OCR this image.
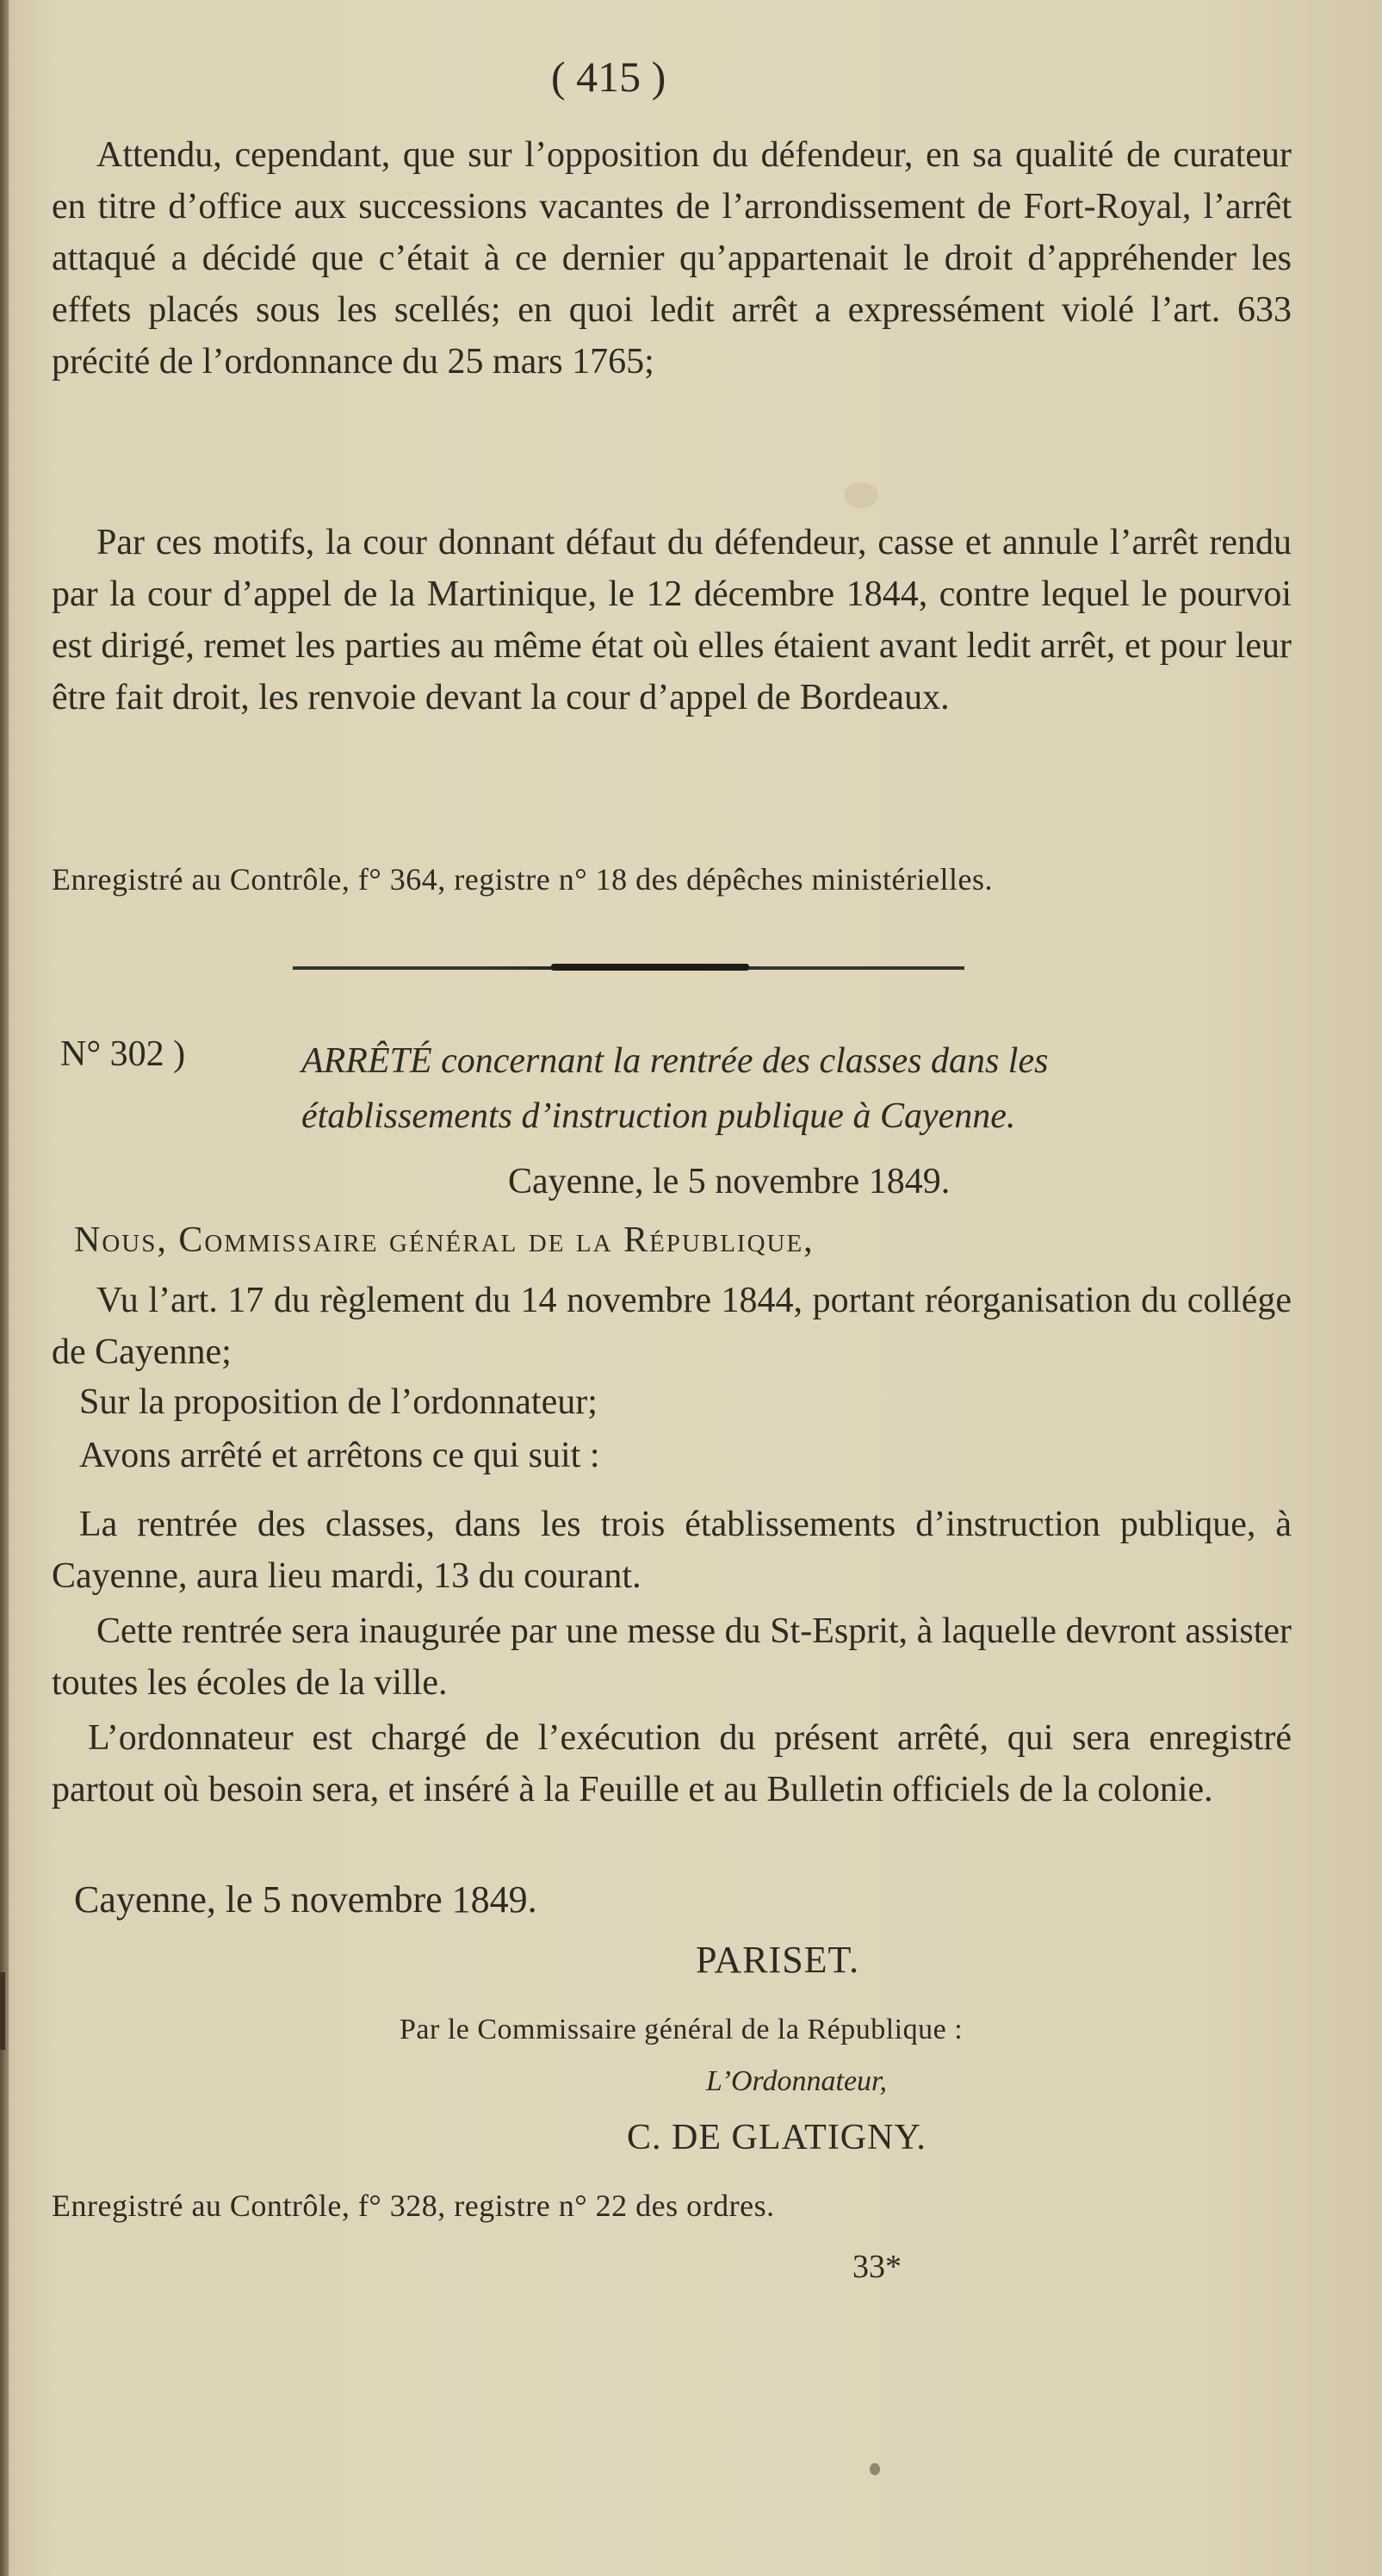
( 415 )

Attendu, cependant, que sur l’opposition du défendeur, en sa qualité de curateur en titre d’office aux successions vacantes de l’arrondissement de Fort-Royal, l’arrêt attaqué a décidé que c’était à ce dernier qu’appartenait le droit d’appréhender les effets placés sous les scellés; en quoi ledit arrêt a expressément violé l’art. 633 précité de l’ordonnance du 25 mars 1765;

Par ces motifs, la cour donnant défaut du défendeur, casse et annule l’arrêt rendu par la cour d’appel de la Martinique, le 12 décembre 1844, contre lequel le pourvoi est dirigé, remet les parties au même état où elles étaient avant ledit arrêt, et pour leur être fait droit, les renvoie devant la cour d’appel de Bordeaux.

Enregistré au Contrôle, f° 364, registre n° 18 des dépêches ministérielles.

N° 302 )	ARRÊTÉ concernant la rentrée des classes dans les établissements d’instruction publique à Cayenne.

Cayenne, le 5 novembre 1849.

Nous, Commissaire général de la République,

Vu l’art. 17 du règlement du 14 novembre 1844, portant réorganisation du collége de Cayenne;

Sur la proposition de l’ordonnateur;

Avons arrêté et arrêtons ce qui suit :

La rentrée des classes, dans les trois établissements d’instruction publique, à Cayenne, aura lieu mardi, 13 du courant.

Cette rentrée sera inaugurée par une messe du St-Esprit, à laquelle devront assister toutes les écoles de la ville.

L’ordonnateur est chargé de l’exécution du présent arrêté, qui sera enregistré partout où besoin sera, et inséré à la Feuille et au Bulletin officiels de la colonie.

Cayenne, le 5 novembre 1849.

PARISET.

Par le Commissaire général de la République :

L’Ordonnateur,

C. DE GLATIGNY.

Enregistré au Contrôle, f° 328, registre n° 22 des ordres.

33*
